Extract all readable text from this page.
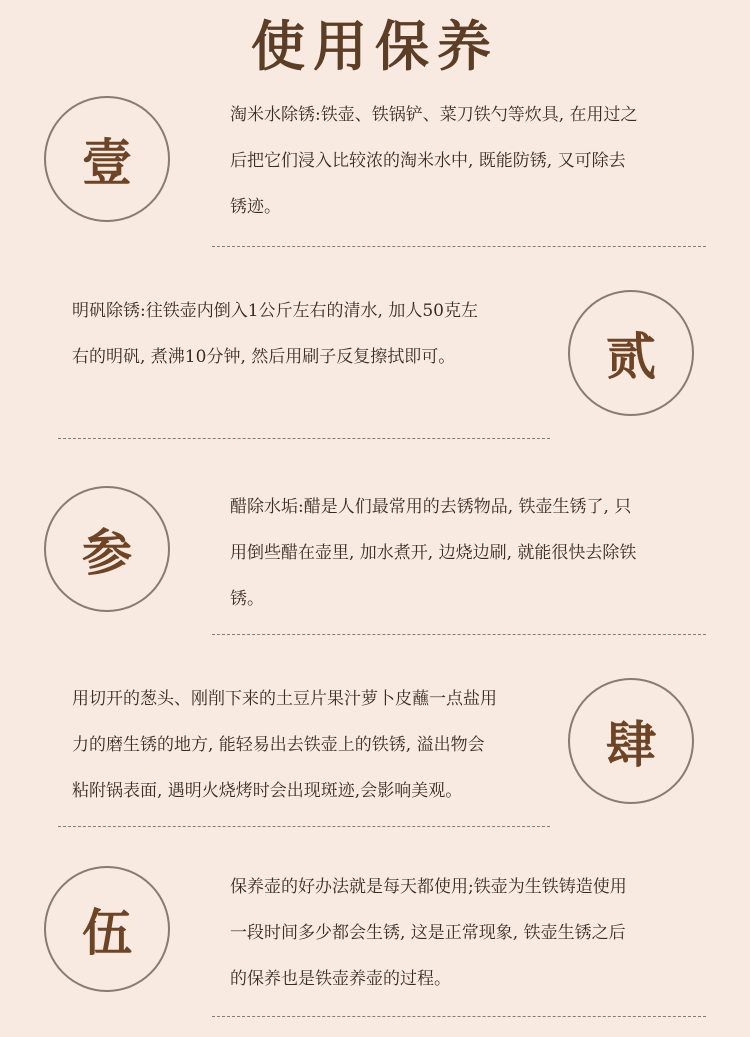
使用保养
壹
淘米水除锈:铁壶、铁锅铲、菜刀铁勺等炊具, 在用过之
后把它们浸入比较浓的淘米水中, 既能防锈, 又可除去
锈迹。
贰
明矾除锈:往铁壶内倒入1公斤左右的清水, 加人50克左
右的明矾, 煮沸10分钟, 然后用刷子反复擦拭即可。
参
醋除水垢:醋是人们最常用的去锈物品, 铁壶生锈了, 只
用倒些醋在壶里, 加水煮开, 边烧边刷, 就能很快去除铁
锈。
肆
用切开的葱头、刚削下来的土豆片果汁萝卜皮蘸一点盐用
力的磨生锈的地方, 能轻易出去铁壶上的铁锈, 溢出物会
粘附锅表面, 遇明火烧烤时会出现斑迹,会影响美观。
伍
保养壶的好办法就是每天都使用;铁壶为生铁铸造使用
一段时间多少都会生锈, 这是正常现象, 铁壶生锈之后
的保养也是铁壶养壶的过程。
